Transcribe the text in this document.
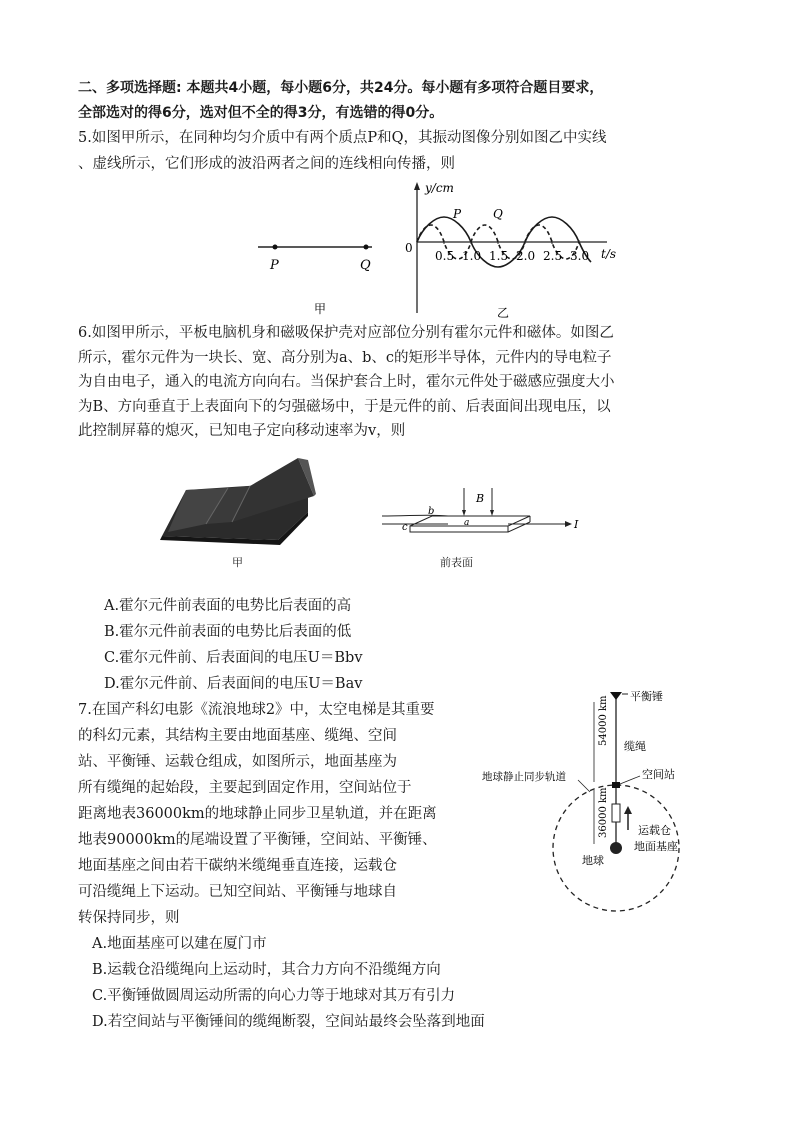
二、多项选择题: 本题共4小题，每小题6分，共24分。每小题有多项符合题目要求，
全部选对的得6分，选对但不全的得3分，有选错的得0分。
5.如图甲所示，在同种均匀介质中有两个质点P和Q，其振动图像分别如图乙中实线
、虚线所示，它们形成的波沿两者之间的连线相向传播，则
P	Q
甲
y/cm
0	t/s
0.5 1.0 1.5 2.0 2.5 3.0
P	Q
乙
6.如图甲所示，平板电脑机身和磁吸保护壳对应部位分别有霍尔元件和磁体。如图乙
所示，霍尔元件为一块长、宽、高分别为a、b、c的矩形半导体，元件内的导电粒子
为自由电子，通入的电流方向向右。当保护套合上时，霍尔元件处于磁感应强度大小
为B、方向垂直于上表面向下的匀强磁场中，于是元件的前、后表面间出现电压，以
此控制屏幕的熄灭，已知电子定向移动速率为v，则
甲
B
b
c	a	I
前表面
A.霍尔元件前表面的电势比后表面的高
B.霍尔元件前表面的电势比后表面的低
C.霍尔元件前、后表面间的电压U＝Bbv
D.霍尔元件前、后表面间的电压U＝Bav
7.在国产科幻电影《流浪地球2》中，太空电梯是其重要
的科幻元素，其结构主要由地面基座、缆绳、空间
站、平衡锤、运载仓组成，如图所示，地面基座为
所有缆绳的起始段，主要起到固定作用，空间站位于
距离地表36000km的地球静止同步卫星轨道，并在距离
地表90000km的尾端设置了平衡锤，空间站、平衡锤、
地面基座之间由若干碳纳米缆绳垂直连接，运载仓
可沿缆绳上下运动。已知空间站、平衡锤与地球自
转保持同步，则
A.地面基座可以建在厦门市
B.运载仓沿缆绳向上运动时，其合力方向不沿缆绳方向
C.平衡锤做圆周运动所需的向心力等于地球对其万有引力
D.若空间站与平衡锤间的缆绳断裂，空间站最终会坠落到地面
平衡锤
54000 km
缆绳
空间站
地球静止同步轨道
36000 km	运载仓
地面基座
地球
